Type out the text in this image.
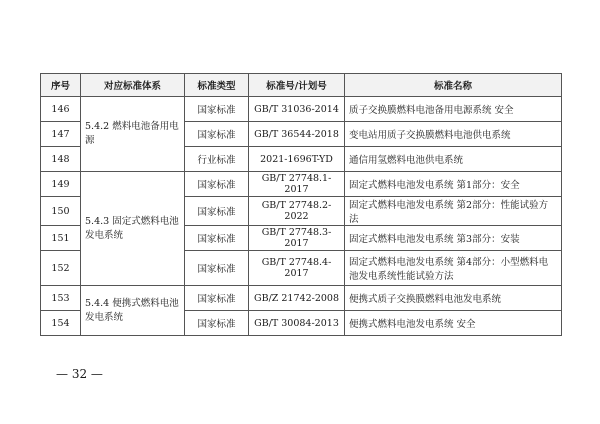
序号	对应标准体系	标准类型	标准号/计划号	标准名称
146	5.4.2 燃料电池备用电源	国家标准	GB/T 31036-2014	质子交换膜燃料电池备用电源系统 安全
147		国家标准	GB/T 36544-2018	变电站用质子交换膜燃料电池供电系统
148		行业标准	2021-1696T-YD	通信用氢燃料电池供电系统
149	5.4.3 固定式燃料电池发电系统	国家标准	GB/T 27748.1-2017	固定式燃料电池发电系统 第1部分：安全
150		国家标准	GB/T 27748.2-2022	固定式燃料电池发电系统 第2部分：性能试验方法
151		国家标准	GB/T 27748.3-2017	固定式燃料电池发电系统 第3部分：安装
152		国家标准	GB/T 27748.4-2017	固定式燃料电池发电系统 第4部分：小型燃料电池发电系统性能试验方法
153	5.4.4 便携式燃料电池发电系统	国家标准	GB/Z 21742-2008	便携式质子交换膜燃料电池发电系统
154		国家标准	GB/T 30084-2013	便携式燃料电池发电系统 安全
— 32 —
